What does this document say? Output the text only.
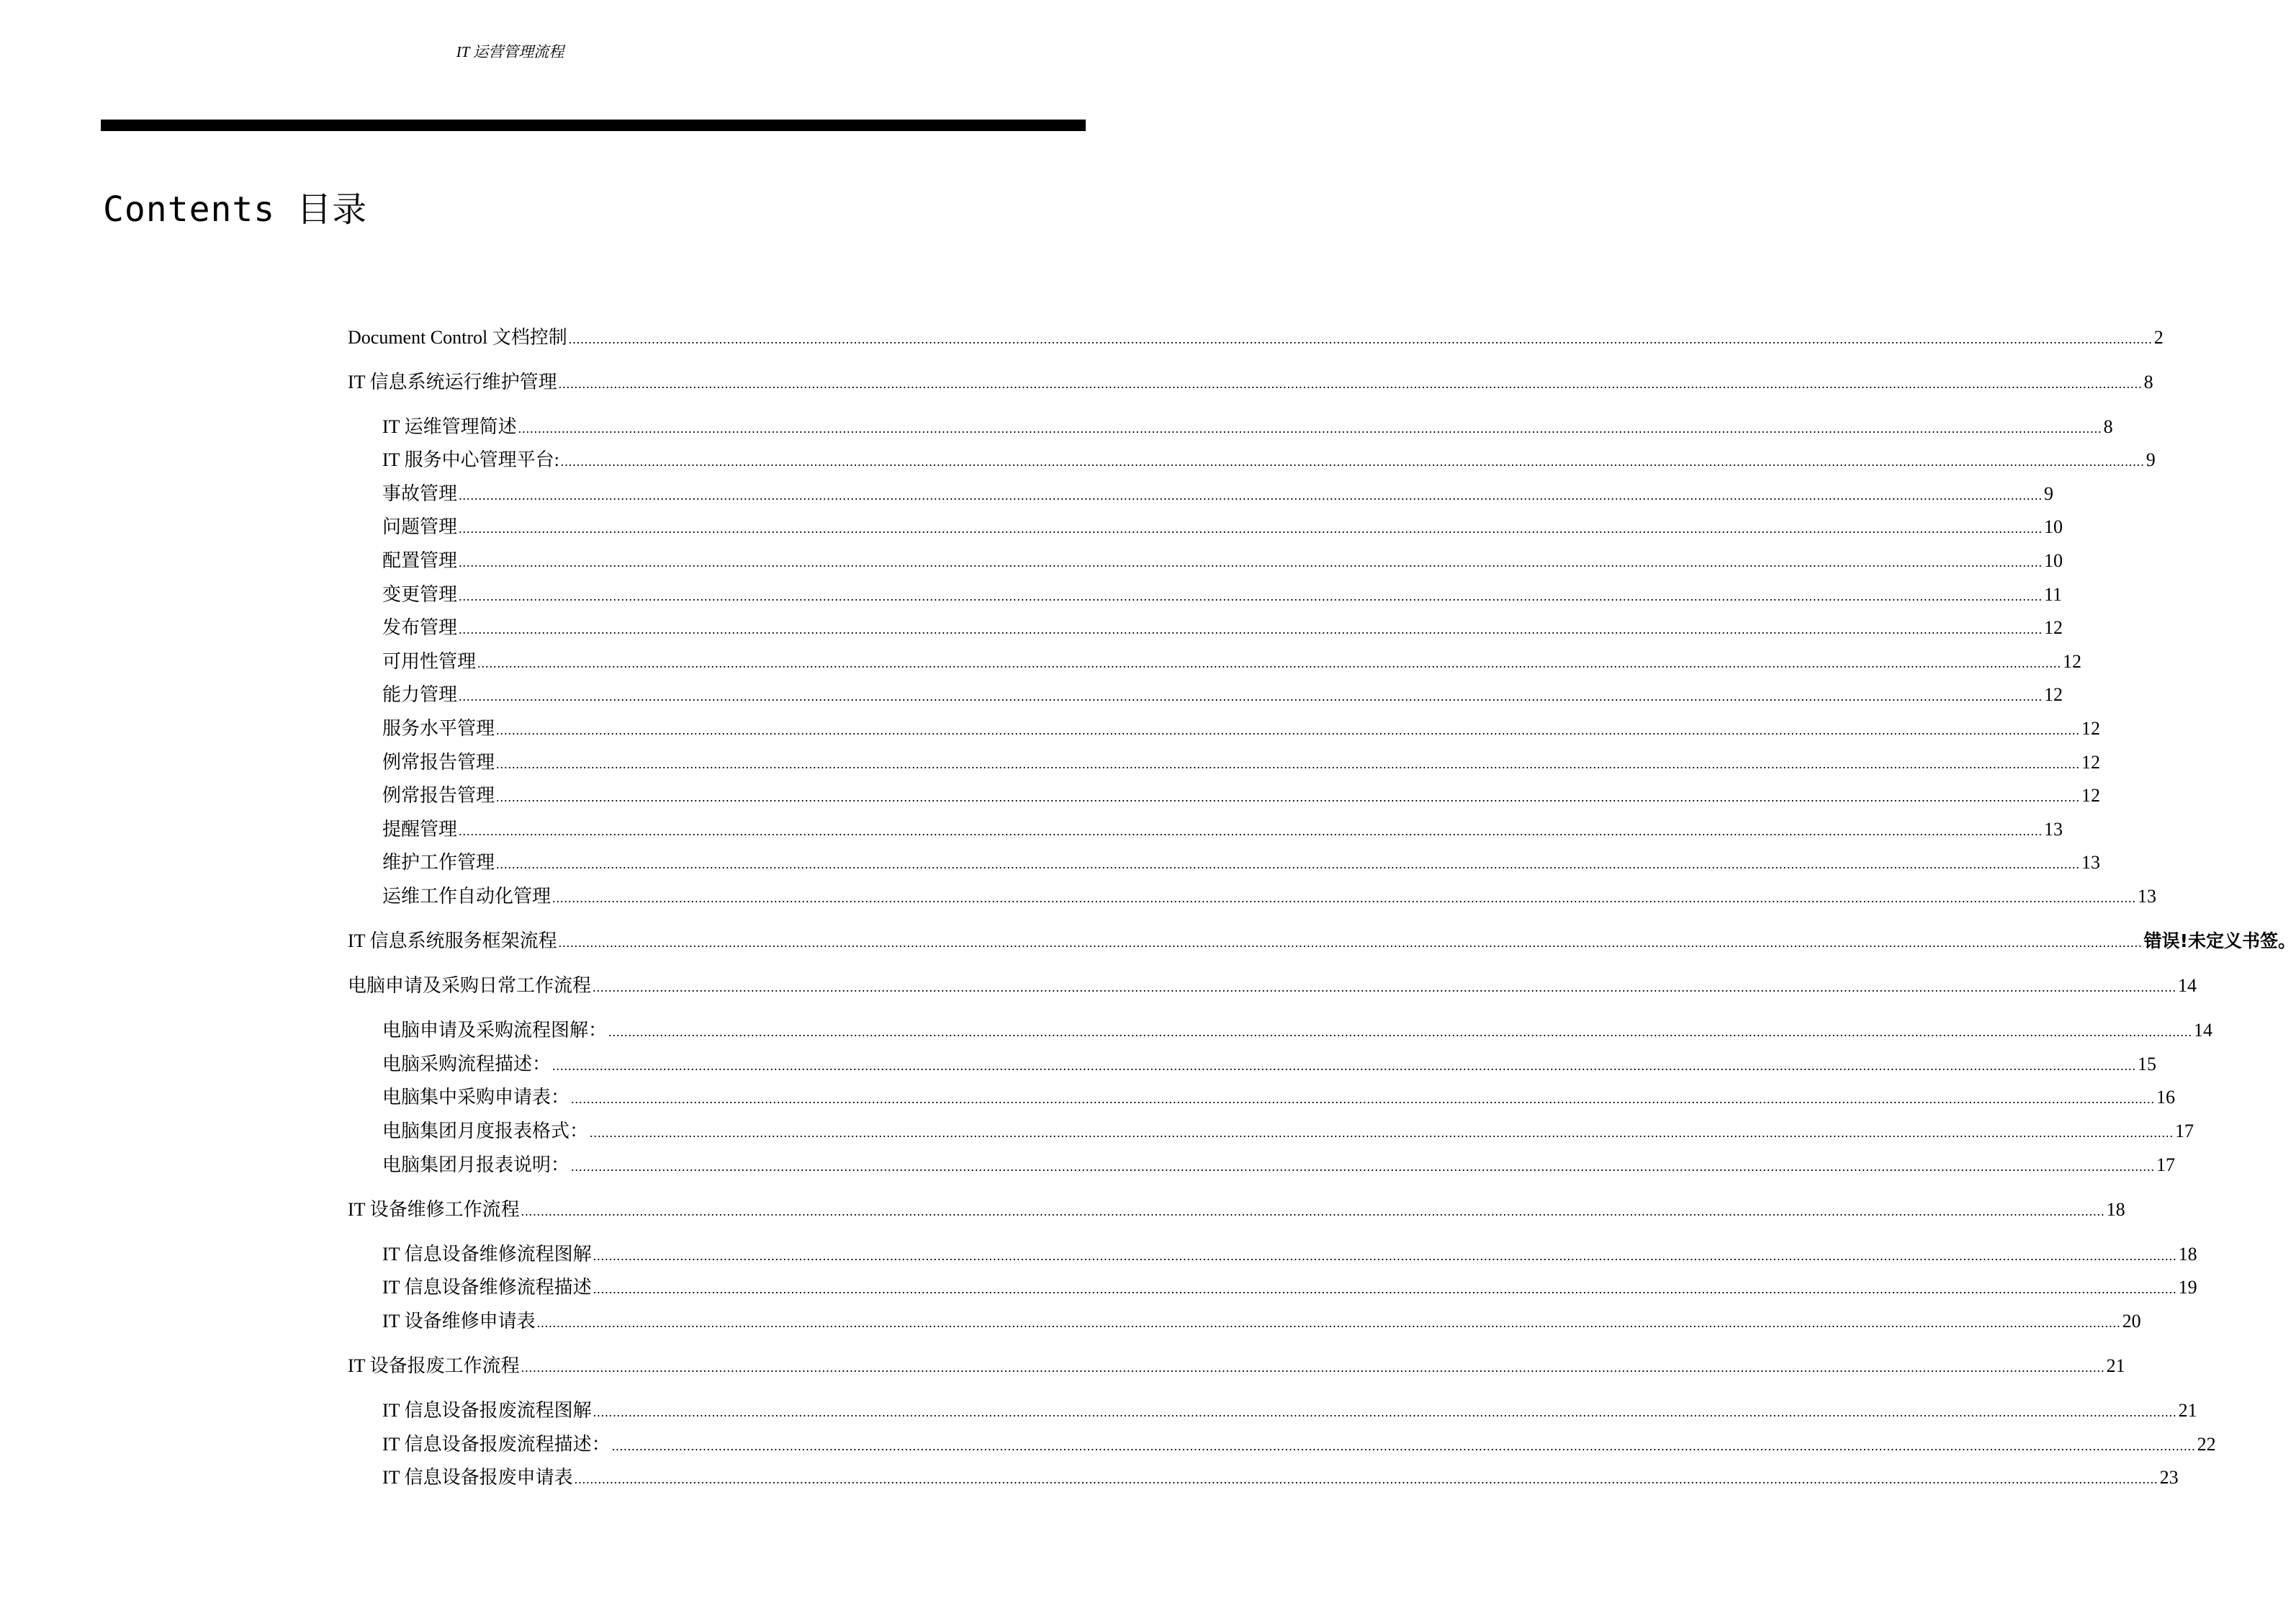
IT 运营管理流程
Contents 目录
Document Control 文档控制 ................................................................................................................................................................................................................................................................................................................................................................................................................ 2
IT 信息系统运行维护管理 ................................................................................................................................................................................................................................................................................................................................................................................................................ 8
IT 运维管理简述 ................................................................................................................................................................................................................................................................................................................................................................................................................ 8
IT 服务中心管理平台: ................................................................................................................................................................................................................................................................................................................................................................................................................ 9
事故管理 ................................................................................................................................................................................................................................................................................................................................................................................................................ 9
问题管理 ................................................................................................................................................................................................................................................................................................................................................................................................................ 10
配置管理 ................................................................................................................................................................................................................................................................................................................................................................................................................ 10
变更管理 ................................................................................................................................................................................................................................................................................................................................................................................................................ 11
发布管理 ................................................................................................................................................................................................................................................................................................................................................................................................................ 12
可用性管理 ................................................................................................................................................................................................................................................................................................................................................................................................................ 12
能力管理 ................................................................................................................................................................................................................................................................................................................................................................................................................ 12
服务水平管理 ................................................................................................................................................................................................................................................................................................................................................................................................................ 12
例常报告管理 ................................................................................................................................................................................................................................................................................................................................................................................................................ 12
例常报告管理 ................................................................................................................................................................................................................................................................................................................................................................................................................ 12
提醒管理 ................................................................................................................................................................................................................................................................................................................................................................................................................ 13
维护工作管理 ................................................................................................................................................................................................................................................................................................................................................................................................................ 13
运维工作自动化管理 ................................................................................................................................................................................................................................................................................................................................................................................................................ 13
IT 信息系统服务框架流程 ................................................................................................................................................................................................................................................................................................................................................................................................................ 错误!未定义书签。
电脑申请及采购日常工作流程 ................................................................................................................................................................................................................................................................................................................................................................................................................ 14
电脑申请及采购流程图解： ................................................................................................................................................................................................................................................................................................................................................................................................................ 14
电脑采购流程描述： ................................................................................................................................................................................................................................................................................................................................................................................................................ 15
电脑集中采购申请表： ................................................................................................................................................................................................................................................................................................................................................................................................................ 16
电脑集团月度报表格式： ................................................................................................................................................................................................................................................................................................................................................................................................................ 17
电脑集团月报表说明： ................................................................................................................................................................................................................................................................................................................................................................................................................ 17
IT 设备维修工作流程 ................................................................................................................................................................................................................................................................................................................................................................................................................ 18
IT 信息设备维修流程图解 ................................................................................................................................................................................................................................................................................................................................................................................................................ 18
IT 信息设备维修流程描述 ................................................................................................................................................................................................................................................................................................................................................................................................................ 19
IT 设备维修申请表 ................................................................................................................................................................................................................................................................................................................................................................................................................ 20
IT 设备报废工作流程 ................................................................................................................................................................................................................................................................................................................................................................................................................ 21
IT 信息设备报废流程图解 ................................................................................................................................................................................................................................................................................................................................................................................................................ 21
IT 信息设备报废流程描述： ................................................................................................................................................................................................................................................................................................................................................................................................................ 22
IT 信息设备报废申请表 ................................................................................................................................................................................................................................................................................................................................................................................................................ 23
